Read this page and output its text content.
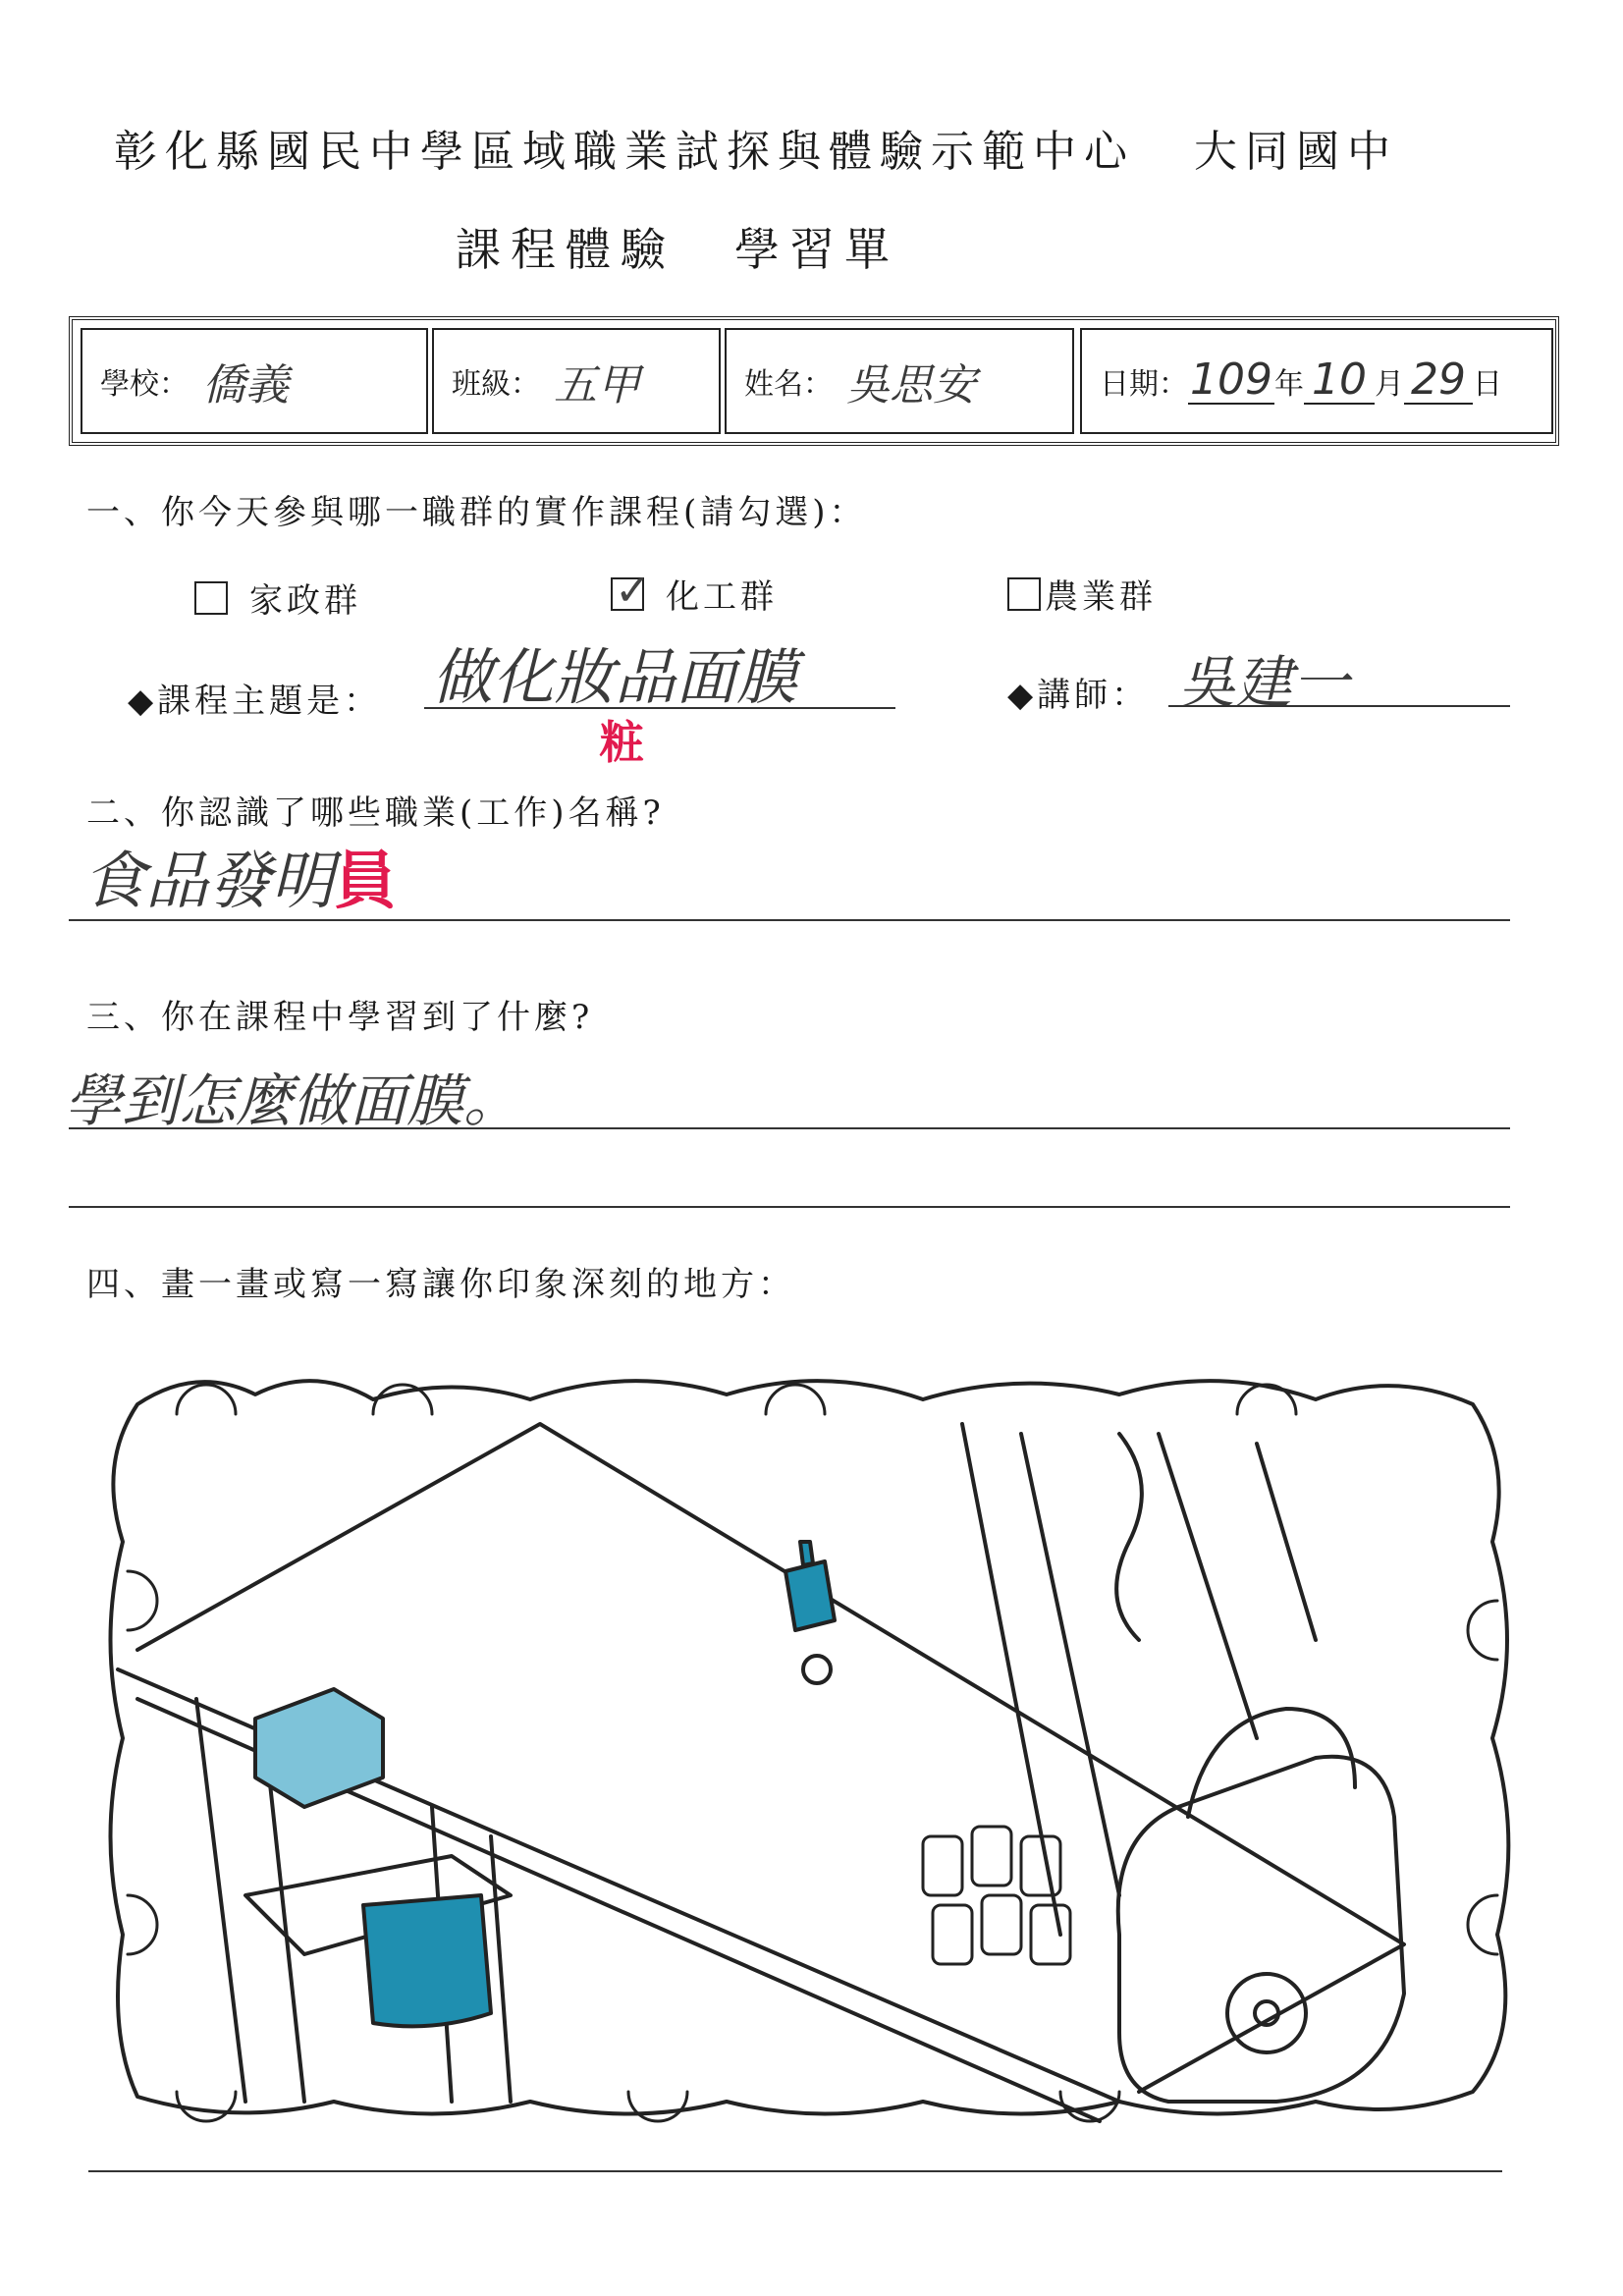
彰化縣國民中學區域職業試探與體驗示範中心 大同國中
課程體驗 學習單
學校： 僑義	班級： 五甲	姓名： 吳思安	日期： 109 年 10 月 29 日
一、你今天參與哪一職群的實作課程(請勾選)：
家政群	✓ 化工群	農業群
◆課程主題是： 做化妝品面膜
粧
◆講師： 吳建一
二、你認識了哪些職業(工作)名稱?
食品發明員
三、你在課程中學習到了什麼?
學到怎麼做面膜。
四、畫一畫或寫一寫讓你印象深刻的地方：
